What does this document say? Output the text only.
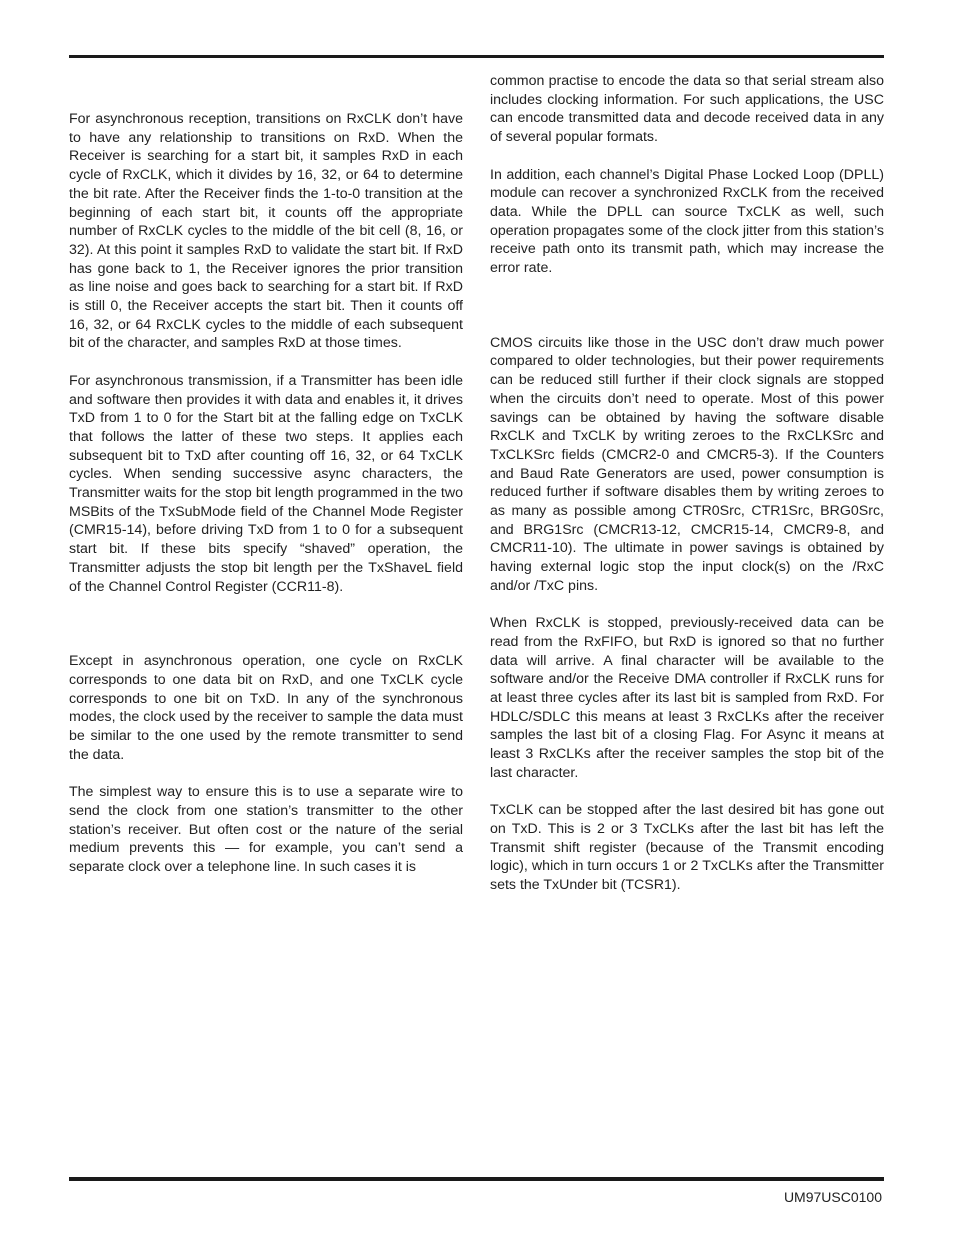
For asynchronous reception, transitions on RxCLK don’t have to have any relationship to transitions on RxD. When the Receiver is searching for a start bit, it samples RxD in each cycle of RxCLK, which it divides by 16, 32, or 64 to determine the bit rate. After the Receiver finds the 1-to-0 transition at the beginning of each start bit, it counts off the appropriate number of RxCLK cycles to the middle of the bit cell (8, 16, or 32). At this point it samples RxD to validate the start bit. If RxD has gone back to 1, the Receiver ignores the prior transition as line noise and goes back to searching for a start bit. If RxD is still 0, the Receiver accepts the start bit. Then it counts off 16, 32, or 64 RxCLK cycles to the middle of each subsequent bit of the character, and samples RxD at those times.

For asynchronous transmission, if a Transmitter has been idle and software then provides it with data and enables it, it drives TxD from 1 to 0 for the Start bit at the falling edge on TxCLK that follows the latter of these two steps. It applies each subsequent bit to TxD after counting off 16, 32, or 64 TxCLK cycles. When sending successive async characters, the Transmitter waits for the stop bit length programmed in the two MSBits of the TxSubMode field of the Channel Mode Register (CMR15-14), before driving TxD from 1 to 0 for a subsequent start bit. If these bits specify “shaved” operation, the Transmitter adjusts the stop bit length per the TxShaveL field of the Channel Control Register (CCR11-8).

Except in asynchronous operation, one cycle on RxCLK corresponds to one data bit on RxD, and one TxCLK cycle corresponds to one bit on TxD. In any of the synchronous modes, the clock used by the receiver to sample the data must be similar to the one used by the remote transmitter to send the data.

The simplest way to ensure this is to use a separate wire to send the clock from one station’s transmitter to the other station’s receiver. But often cost or the nature of the serial medium prevents this — for example, you can’t send a separate clock over a telephone line. In such cases it is

common practise to encode the data so that serial stream also includes clocking information. For such applications, the USC can encode transmitted data and decode received data in any of several popular formats.

In addition, each channel’s Digital Phase Locked Loop (DPLL) module can recover a synchronized RxCLK from the received data. While the DPLL can source TxCLK as well, such operation propagates some of the clock jitter from this station’s receive path onto its transmit path, which may increase the error rate.

CMOS circuits like those in the USC don’t draw much power compared to older technologies, but their power requirements can be reduced still further if their clock signals are stopped when the circuits don’t need to operate. Most of this power savings can be obtained by having the software disable RxCLK and TxCLK by writing zeroes to the RxCLKSrc and TxCLKSrc fields (CMCR2-0 and CMCR5-3). If the Counters and Baud Rate Generators are used, power consumption is reduced further if software disables them by writing zeroes to as many as possible among CTR0Src, CTR1Src, BRG0Src, and BRG1Src (CMCR13-12, CMCR15-14, CMCR9-8, and CMCR11-10). The ultimate in power savings is obtained by having external logic stop the input clock(s) on the /RxC and/or /TxC pins.

When RxCLK is stopped, previously-received data can be read from the RxFIFO, but RxD is ignored so that no further data will arrive. A final character will be available to the software and/or the Receive DMA controller if RxCLK runs for at least three cycles after its last bit is sampled from RxD. For HDLC/SDLC this means at least 3 RxCLKs after the receiver samples the last bit of a closing Flag. For Async it means at least 3 RxCLKs after the receiver samples the stop bit of the last character.

TxCLK can be stopped after the last desired bit has gone out on TxD. This is 2 or 3 TxCLKs after the last bit has left the Transmit shift register (because of the Transmit encoding logic), which in turn occurs 1 or 2 TxCLKs after the Transmitter sets the TxUnder bit (TCSR1).

UM97USC0100
